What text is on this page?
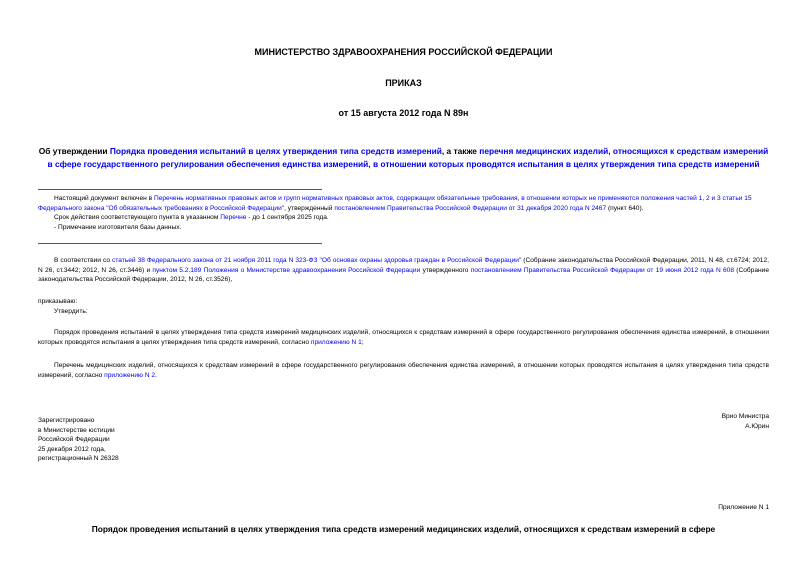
МИНИСТЕРСТВО ЗДРАВООХРАНЕНИЯ РОССИЙСКОЙ ФЕДЕРАЦИИ
ПРИКАЗ
от 15 августа 2012 года N 89н
Об утверждении Порядка проведения испытаний в целях утверждения типа средств измерений, а также перечня медицинских изделий, относящихся к средствам измерений в сфере государственного регулирования обеспечения единства измерений, в отношении которых проводятся испытания в целях утверждения типа средств измерений
Настоящий документ включен в Перечень нормативных правовых актов и групп нормативных правовых актов, содержащих обязательные требования, в отношении которых не применяются положения частей 1, 2 и 3 статьи 15 Федерального закона "Об обязательных требованиях в Российской Федерации", утвержденный постановлением Правительства Российской Федерации от 31 декабря 2020 года N 2467 (пункт 640).
Срок действия соответствующего пункта в указанном Перечне - до 1 сентября 2025 года.
- Примечание изготовителя базы данных.
В соответствии со статьей 38 Федерального закона от 21 ноября 2011 года N 323-ФЗ "Об основах охраны здоровья граждан в Российской Федерации" (Собрание законодательства Российской Федерации, 2011, N 48, ст.6724; 2012, N 26, ст.3442; 2012, N 26, ст.3446) и пунктом 5.2.189 Положения о Министерстве здравоохранения Российской Федерации утвержденного постановлением Правительства Российской Федерации от 19 июня 2012 года N 608 (Собрание законодательства Российской Федерации, 2012, N 26, ст.3526),
приказываю:
Утвердить:
Порядок проведения испытаний в целях утверждения типа средств измерений медицинских изделий, относящихся к средствам измерений в сфере государственного регулирования обеспечения единства измерений, в отношении которых проводятся испытания в целях утверждения типа средств измерений, согласно приложению N 1;
Перечень медицинских изделий, относящихся к средствам измерений в сфере государственного регулирования обеспечения единства измерений, в отношении которых проводятся испытания в целях утверждения типа средств измерений, согласно приложению N 2.
Врио Министра
А.Юрин
Зарегистрировано
в Министерстве юстиции
Российской Федерации
25 декабря 2012 года,
регистрационный N 26328
Приложение N 1
Порядок проведения испытаний в целях утверждения типа средств измерений медицинских изделий, относящихся к средствам измерений в сфере
